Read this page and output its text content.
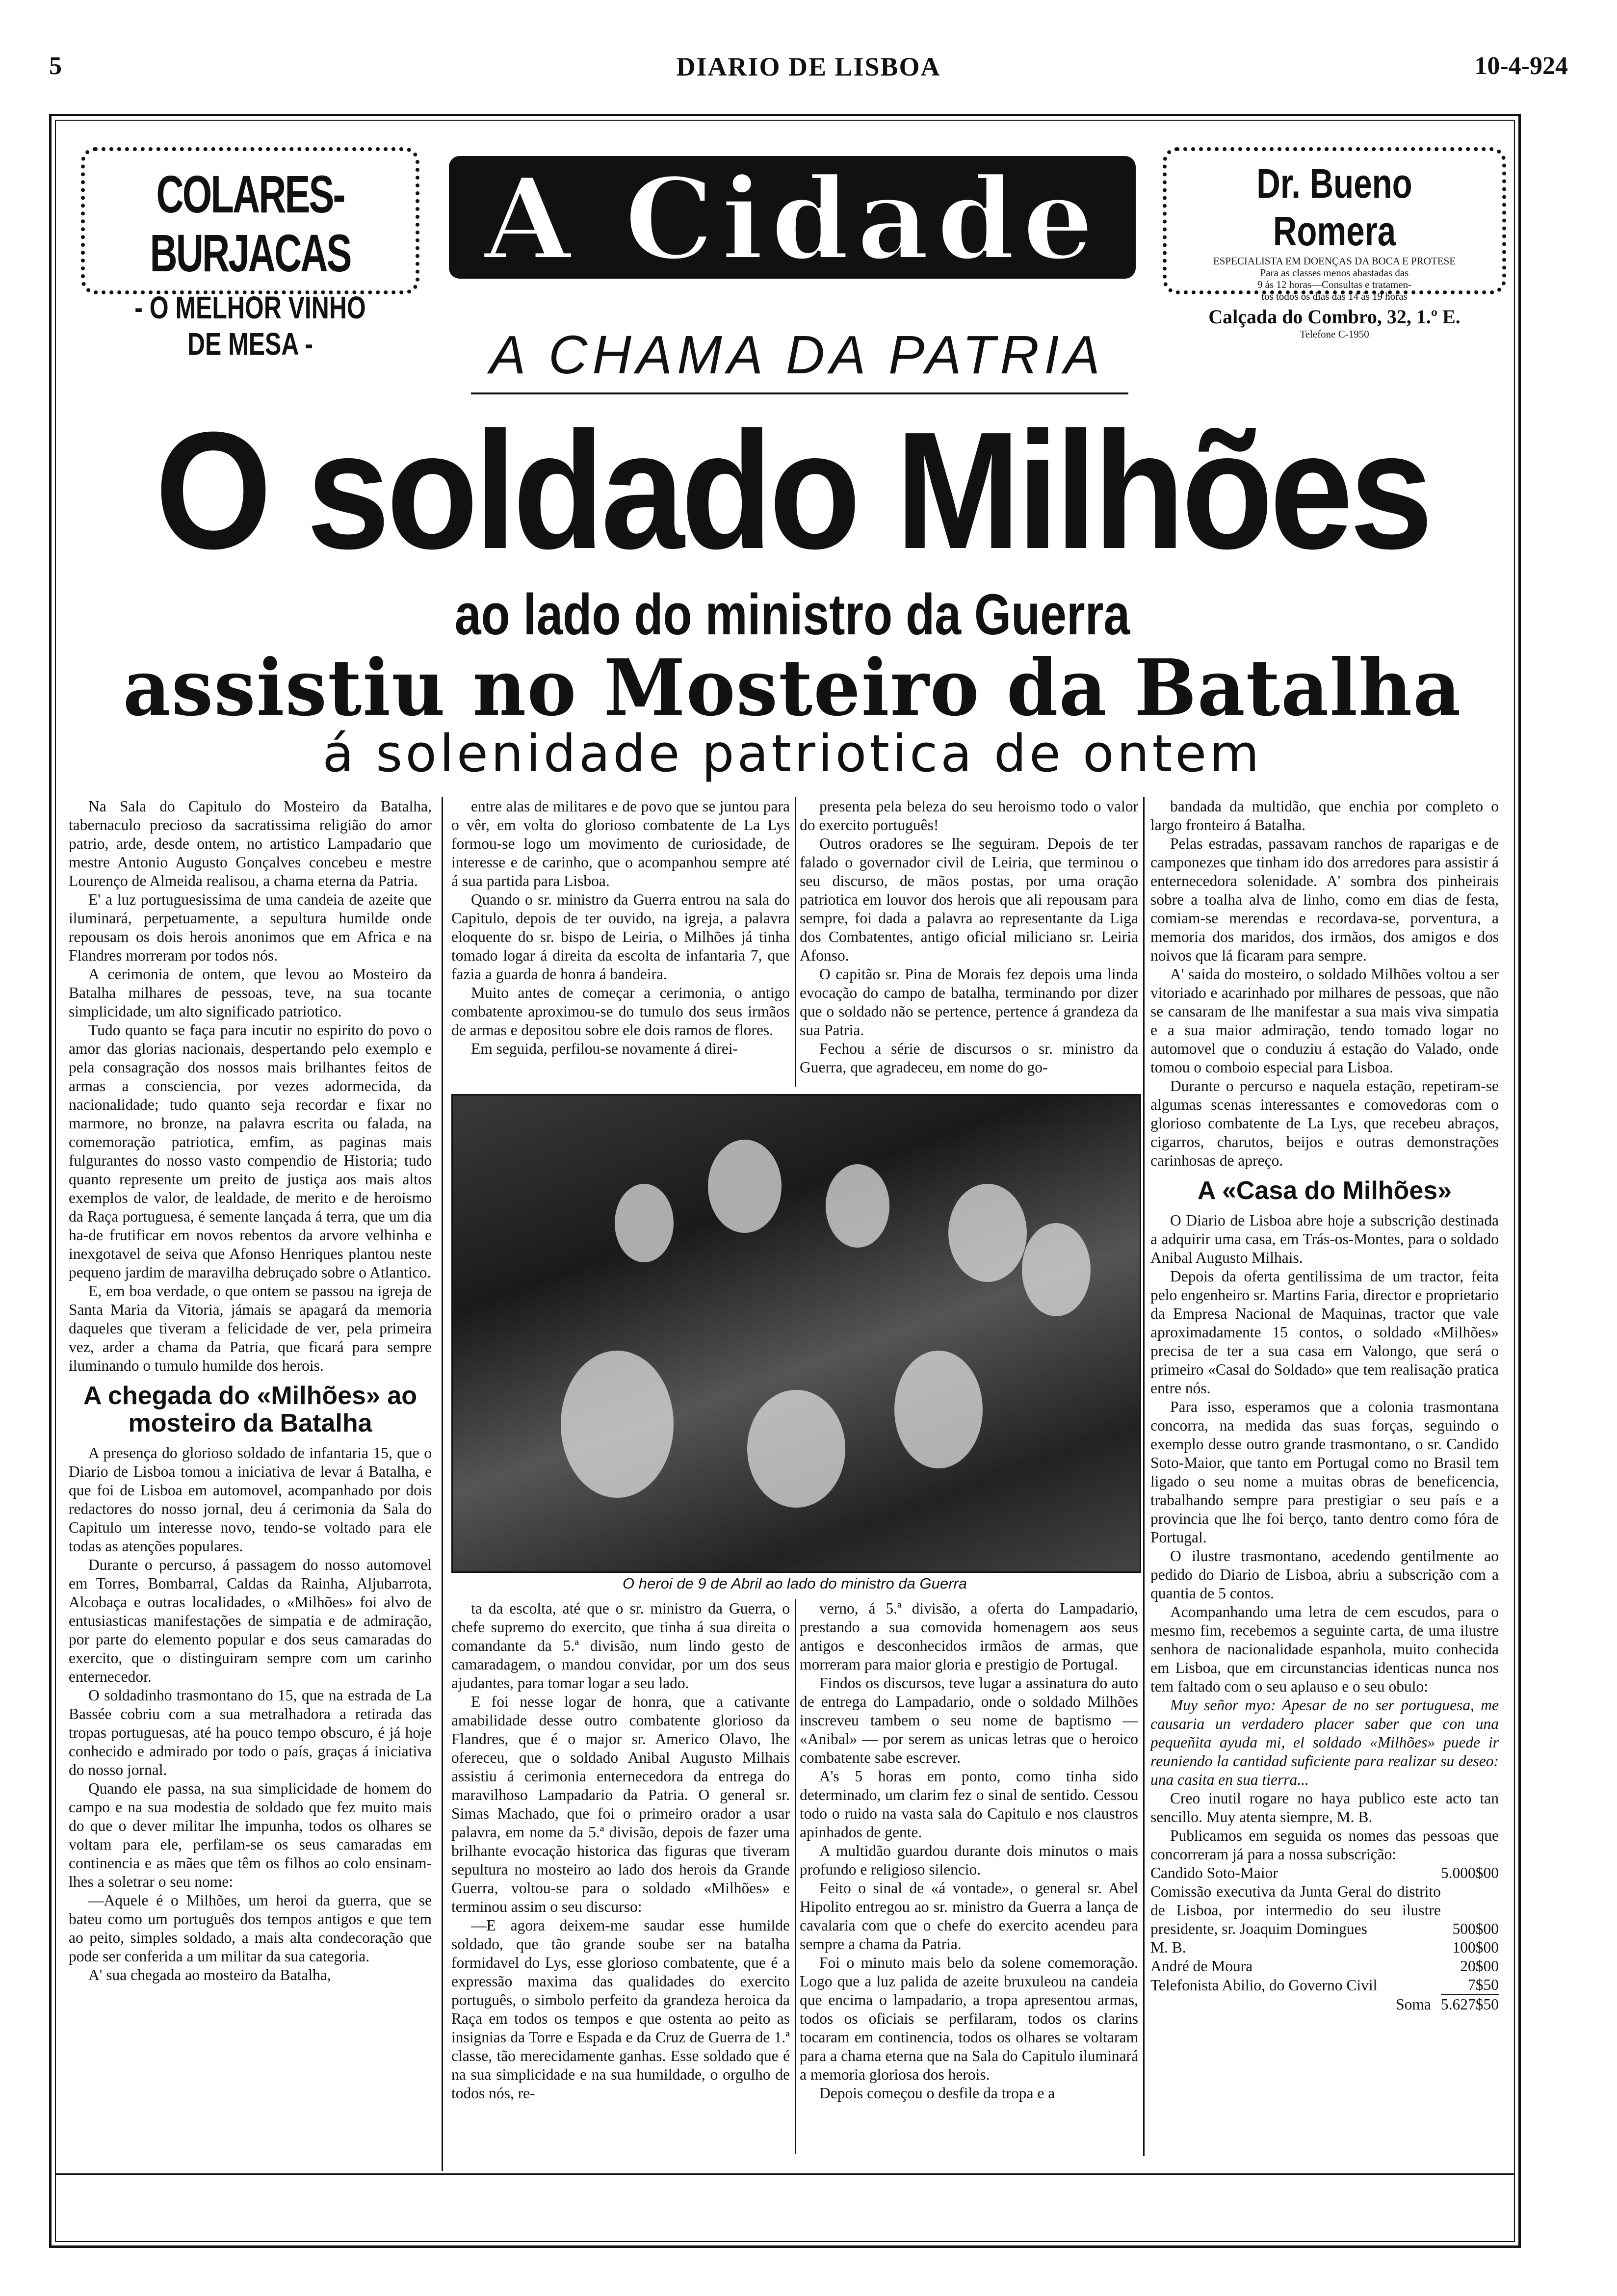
5	DIARIO DE LISBOA	10-4-924
COLARES-BURJACAS
- O MELHOR VINHO DE MESA -
A Cidade	Dr. Bueno Romera
ESPECIALISTA EM DOENÇAS DA BOCA E PROTESE
Para as classes menos abastadas das
9 ás 12 horas—Consultas e tratamen-
tos todos os dias das 14 ás 19 horas
Calçada do Combro, 32, 1.º E.
Telefone C-1950
A CHAMA DA PATRIA
O soldado Milhões
ao lado do ministro da Guerra
assistiu no Mosteiro da Batalha
á solenidade patriotica de ontem

Na Sala do Capitulo do Mosteiro da Batalha, tabernaculo precioso da sacratissima religião do amor patrio, arde, desde ontem, no artistico Lampadario que mestre Antonio Augusto Gonçalves concebeu e mestre Lourenço de Almeida realisou, a chama eterna da Patria.

E' a luz portuguesissima de uma candeia de azeite que iluminará, perpetuamente, a sepultura humilde onde repousam os dois herois anonimos que em Africa e na Flandres morreram por todos nós.

A cerimonia de ontem, que levou ao Mosteiro da Batalha milhares de pessoas, teve, na sua tocante simplicidade, um alto significado patriotico.

Tudo quanto se faça para incutir no espirito do povo o amor das glorias nacionais, despertando pelo exemplo e pela consagração dos nossos mais brilhantes feitos de armas a consciencia, por vezes adormecida, da nacionalidade; tudo quanto seja recordar e fixar no marmore, no bronze, na palavra escrita ou falada, na comemoração patriotica, emfim, as paginas mais fulgurantes do nosso vasto compendio de Historia; tudo quanto represente um preito de justiça aos mais altos exemplos de valor, de lealdade, de merito e de heroismo da Raça portuguesa, é semente lançada á terra, que um dia ha-de frutificar em novos rebentos da arvore velhinha e inexgotavel de seiva que Afonso Henriques plantou neste pequeno jardim de maravilha debruçado sobre o Atlantico.

E, em boa verdade, o que ontem se passou na igreja de Santa Maria da Vitoria, jámais se apagará da memoria daqueles que tiveram a felicidade de ver, pela primeira vez, arder a chama da Patria, que ficará para sempre iluminando o tumulo humilde dos herois.

A chegada do «Milhões» ao mosteiro da Batalha

A presença do glorioso soldado de infantaria 15, que o Diario de Lisboa tomou a iniciativa de levar á Batalha, e que foi de Lisboa em automovel, acompanhado por dois redactores do nosso jornal, deu á cerimonia da Sala do Capitulo um interesse novo, tendo-se voltado para ele todas as atenções populares.

Durante o percurso, á passagem do nosso automovel em Torres, Bombarral, Caldas da Rainha, Aljubarrota, Alcobaça e outras localidades, o «Milhões» foi alvo de entusiasticas manifestações de simpatia e de admiração, por parte do elemento popular e dos seus camaradas do exercito, que o distinguiram sempre com um carinho enternecedor.

O soldadinho trasmontano do 15, que na estrada de La Bassée cobriu com a sua metralhadora a retirada das tropas portuguesas, até ha pouco tempo obscuro, é já hoje conhecido e admirado por todo o país, graças á iniciativa do nosso jornal.

Quando ele passa, na sua simplicidade de homem do campo e na sua modestia de soldado que fez muito mais do que o dever militar lhe impunha, todos os olhares se voltam para ele, perfilam-se os seus camaradas em continencia e as mães que têm os filhos ao colo ensinam-lhes a soletrar o seu nome:

—Aquele é o Milhões, um heroi da guerra, que se bateu como um português dos tempos antigos e que tem ao peito, simples soldado, a mais alta condecoração que pode ser conferida a um militar da sua categoria.

A' sua chegada ao mosteiro da Batalha,

entre alas de militares e de povo que se juntou para o vêr, em volta do glorioso combatente de La Lys formou-se logo um movimento de curiosidade, de interesse e de carinho, que o acompanhou sempre até á sua partida para Lisboa.

Quando o sr. ministro da Guerra entrou na sala do Capitulo, depois de ter ouvido, na igreja, a palavra eloquente do sr. bispo de Leiria, o Milhões já tinha tomado logar á direita da escolta de infantaria 7, que fazia a guarda de honra á bandeira.

Muito antes de começar a cerimonia, o antigo combatente aproximou-se do tumulo dos seus irmãos de armas e depositou sobre ele dois ramos de flores.

Em seguida, perfilou-se novamente á direi-

presenta pela beleza do seu heroismo todo o valor do exercito português!

Outros oradores se lhe seguiram. Depois de ter falado o governador civil de Leiria, que terminou o seu discurso, de mãos postas, por uma oração patriotica em louvor dos herois que ali repousam para sempre, foi dada a palavra ao representante da Liga dos Combatentes, antigo oficial miliciano sr. Leiria Afonso.

O capitão sr. Pina de Morais fez depois uma linda evocação do campo de batalha, terminando por dizer que o soldado não se pertence, pertence á grandeza da sua Patria.

Fechou a série de discursos o sr. ministro da Guerra, que agradeceu, em nome do go-

O heroi de 9 de Abril ao lado do ministro da Guerra

ta da escolta, até que o sr. ministro da Guerra, o chefe supremo do exercito, que tinha á sua direita o comandante da 5.ª divisão, num lindo gesto de camaradagem, o mandou convidar, por um dos seus ajudantes, para tomar logar a seu lado.

E foi nesse logar de honra, que a cativante amabilidade desse outro combatente glorioso da Flandres, que é o major sr. Americo Olavo, lhe ofereceu, que o soldado Anibal Augusto Milhais assistiu á cerimonia enternecedora da entrega do maravilhoso Lampadario da Patria. O general sr. Simas Machado, que foi o primeiro orador a usar palavra, em nome da 5.ª divisão, depois de fazer uma brilhante evocação historica das figuras que tiveram sepultura no mosteiro ao lado dos herois da Grande Guerra, voltou-se para o soldado «Milhões» e terminou assim o seu discurso:

—E agora deixem-me saudar esse humilde soldado, que tão grande soube ser na batalha formidavel do Lys, esse glorioso combatente, que é a expressão maxima das qualidades do exercito português, o simbolo perfeito da grandeza heroica da Raça em todos os tempos e que ostenta ao peito as insignias da Torre e Espada e da Cruz de Guerra de 1.ª classe, tão merecidamente ganhas. Esse soldado que é na sua simplicidade e na sua humildade, o orgulho de todos nós, re-

verno, á 5.ª divisão, a oferta do Lampadario, prestando a sua comovida homenagem aos seus antigos e desconhecidos irmãos de armas, que morreram para maior gloria e prestigio de Portugal.

Findos os discursos, teve lugar a assinatura do auto de entrega do Lampadario, onde o soldado Milhões inscreveu tambem o seu nome de baptismo — «Anibal» — por serem as unicas letras que o heroico combatente sabe escrever.

A's 5 horas em ponto, como tinha sido determinado, um clarim fez o sinal de sentido. Cessou todo o ruido na vasta sala do Capitulo e nos claustros apinhados de gente.

A multidão guardou durante dois minutos o mais profundo e religioso silencio.

Feito o sinal de «á vontade», o general sr. Abel Hipolito entregou ao sr. ministro da Guerra a lança de cavalaria com que o chefe do exercito acendeu para sempre a chama da Patria.

Foi o minuto mais belo da solene comemoração. Logo que a luz palida de azeite bruxuleou na candeia que encima o lampadario, a tropa apresentou armas, todos os oficiais se perfilaram, todos os clarins tocaram em continencia, todos os olhares se voltaram para a chama eterna que na Sala do Capitulo iluminará a memoria gloriosa dos herois.

Depois começou o desfile da tropa e a

bandada da multidão, que enchia por completo o largo fronteiro á Batalha.

Pelas estradas, passavam ranchos de raparigas e de camponezes que tinham ido dos arredores para assistir á enternecedora solenidade. A' sombra dos pinheirais sobre a toalha alva de linho, como em dias de festa, comiam-se merendas e recordava-se, porventura, a memoria dos maridos, dos irmãos, dos amigos e dos noivos que lá ficaram para sempre.

A' saida do mosteiro, o soldado Milhões voltou a ser vitoriado e acarinhado por milhares de pessoas, que não se cansaram de lhe manifestar a sua mais viva simpatia e a sua maior admiração, tendo tomado logar no automovel que o conduziu á estação do Valado, onde tomou o comboio especial para Lisboa.

Durante o percurso e naquela estação, repetiram-se algumas scenas interessantes e comovedoras com o glorioso combatente de La Lys, que recebeu abraços, cigarros, charutos, beijos e outras demonstrações carinhosas de apreço.

A «Casa do Milhões»

O Diario de Lisboa abre hoje a subscrição destinada a adquirir uma casa, em Trás-os-Montes, para o soldado Anibal Augusto Milhais.

Depois da oferta gentilissima de um tractor, feita pelo engenheiro sr. Martins Faria, director e proprietario da Empresa Nacional de Maquinas, tractor que vale aproximadamente 15 contos, o soldado «Milhões» precisa de ter a sua casa em Valongo, que será o primeiro «Casal do Soldado» que tem realisação pratica entre nós.

Para isso, esperamos que a colonia trasmontana concorra, na medida das suas forças, seguindo o exemplo desse outro grande trasmontano, o sr. Candido Soto-Maior, que tanto em Portugal como no Brasil tem ligado o seu nome a muitas obras de beneficencia, trabalhando sempre para prestigiar o seu país e a provincia que lhe foi berço, tanto dentro como fóra de Portugal.

O ilustre trasmontano, acedendo gentilmente ao pedido do Diario de Lisboa, abriu a subscrição com a quantia de 5 contos.

Acompanhando uma letra de cem escudos, para o mesmo fim, recebemos a seguinte carta, de uma ilustre senhora de nacionalidade espanhola, muito conhecida em Lisboa, que em circunstancias identicas nunca nos tem faltado com o seu aplauso e o seu obulo:

Muy señor myo: Apesar de no ser portuguesa, me causaria un verdadero placer saber que con una pequeñita ayuda mi, el soldado «Milhões» puede ir reuniendo la cantidad suficiente para realizar su deseo: una casita en sua tierra...

Creo inutil rogare no haya publico este acto tan sencillo. Muy atenta siempre, M. B.

Publicamos em seguida os nomes das pessoas que concorreram já para a nossa subscrição:

Candido Soto-Maior	5.000$00
Comissão executiva da Junta Geral do distrito de Lisboa, por intermedio do seu ilustre presidente, sr. Joaquim Domingues	500$00
M. B.	100$00
André de Moura	20$00
Telefonista Abilio, do Governo Civil	7$50
Soma	5.627$50
